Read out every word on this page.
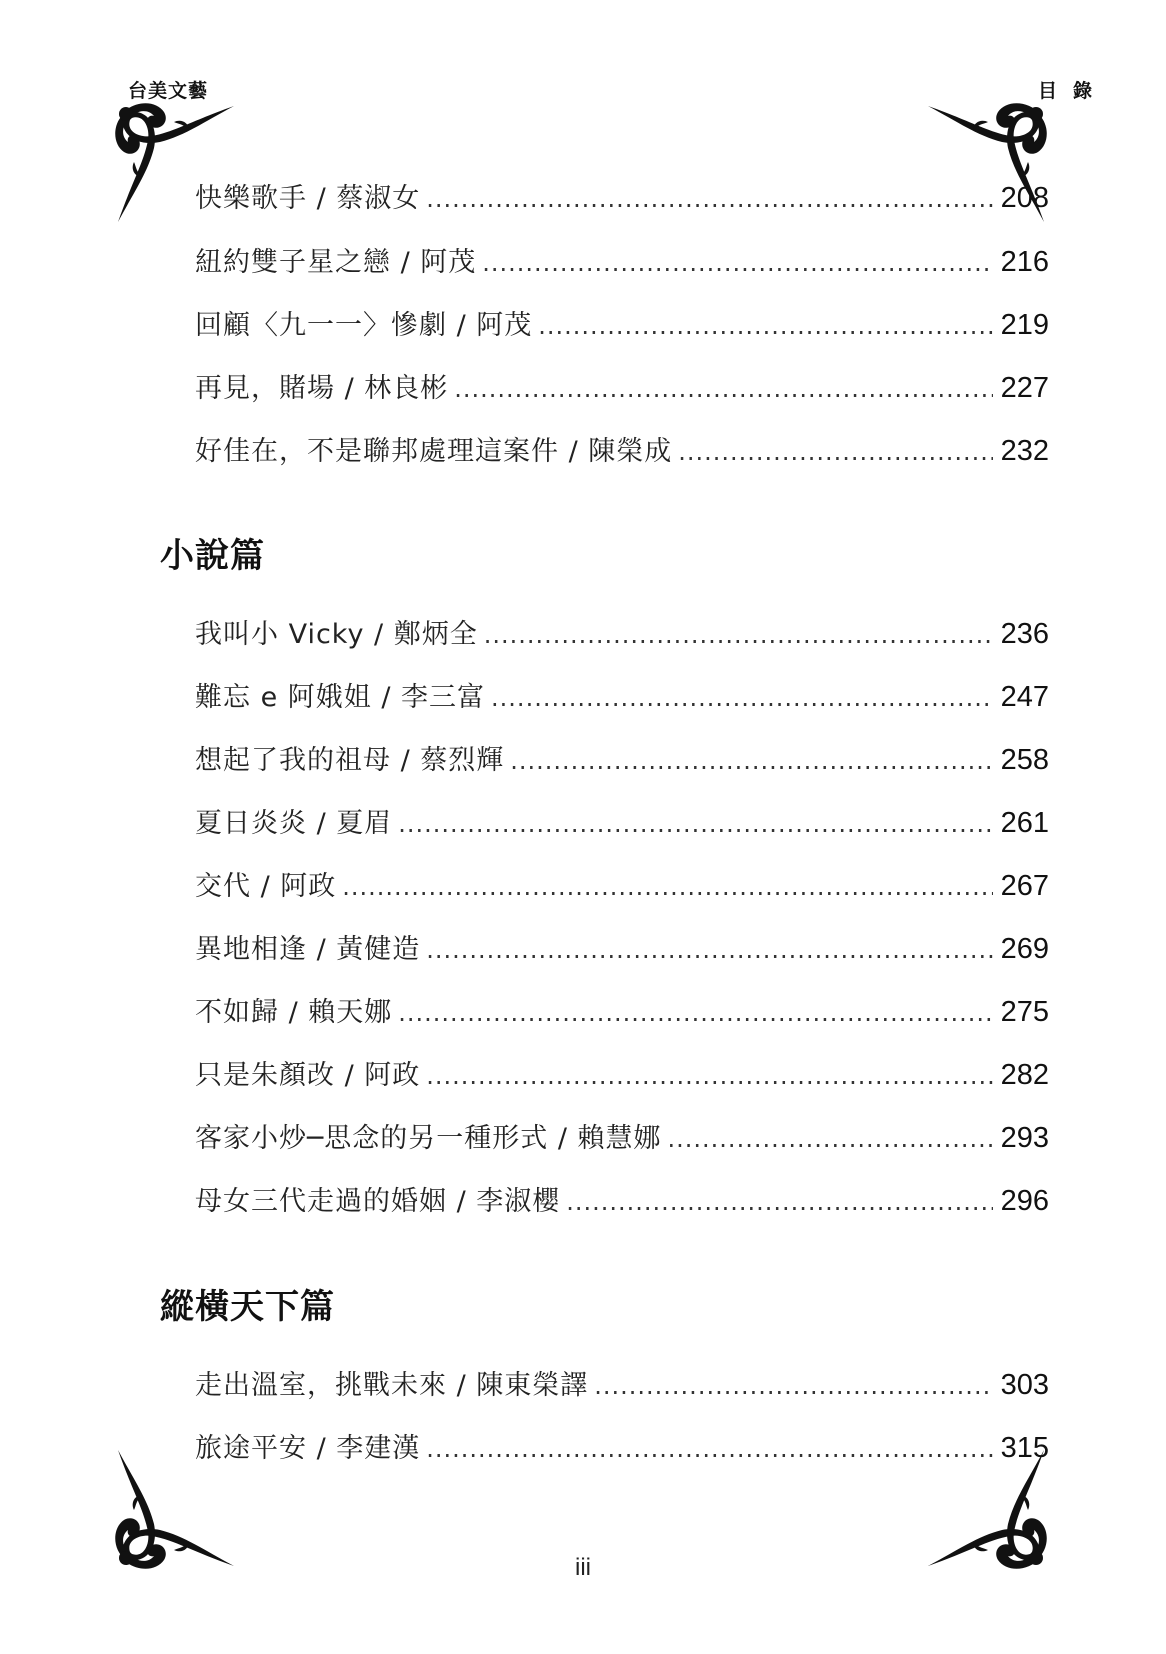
台美文藝	目錄
快樂歌手 / 蔡淑女 .....	208
紐約雙子星之戀 / 阿茂 .....	216
回顧〈九一一〉慘劇 / 阿茂 .....	219
再見，賭場 / 林良彬 .....	227
好佳在，不是聯邦處理這案件 / 陳榮成 .....	232
小說篇
我叫小 Vicky / 鄭炳全 .....	236
難忘 e 阿娥姐 / 李三富 .....	247
想起了我的祖母 / 蔡烈輝 .....	258
夏日炎炎 / 夏眉 .....	261
交代 / 阿政 .....	267
異地相逢 / 黃健造 .....	269
不如歸 / 賴天娜 .....	275
只是朱顏改 / 阿政 .....	282
客家小炒─思念的另一種形式 / 賴慧娜 .....	293
母女三代走過的婚姻 / 李淑櫻 .....	296
縱橫天下篇
走出溫室，挑戰未來 / 陳東榮譯 .....	303
旅途平安 / 李建漢 .....	315
iii
